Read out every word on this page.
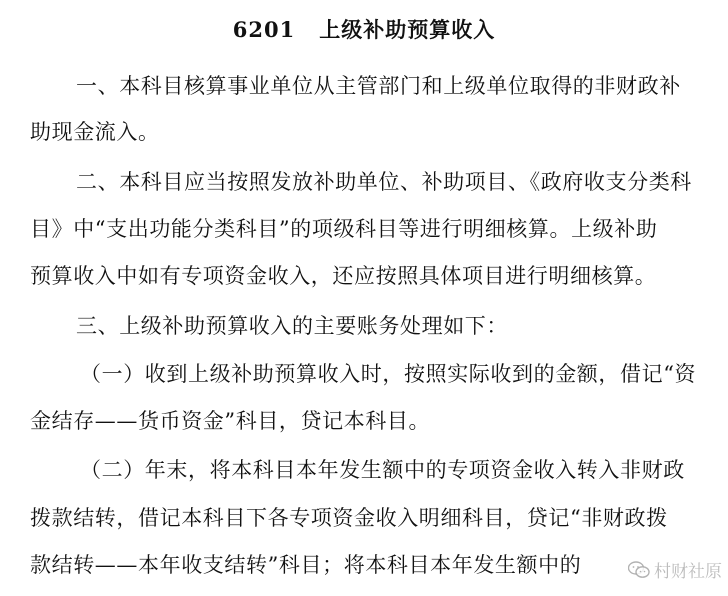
6201 上级补助预算收入
一、本科目核算事业单位从主管部门和上级单位取得的非财政补
助现金流入。
二、本科目应当按照发放补助单位、补助项目、《政府收支分类科
目》中“支出功能分类科目”的项级科目等进行明细核算。上级补助
预算收入中如有专项资金收入，还应按照具体项目进行明细核算。
三、上级补助预算收入的主要账务处理如下：
（一）收到上级补助预算收入时，按照实际收到的金额，借记“资
金结存——货币资金”科目，贷记本科目。
（二）年末，将本科目本年发生额中的专项资金收入转入非财政
拨款结转，借记本科目下各专项资金收入明细科目，贷记“非财政拨
款结转——本年收支结转”科目；将本科目本年发生额中的	村财社原
